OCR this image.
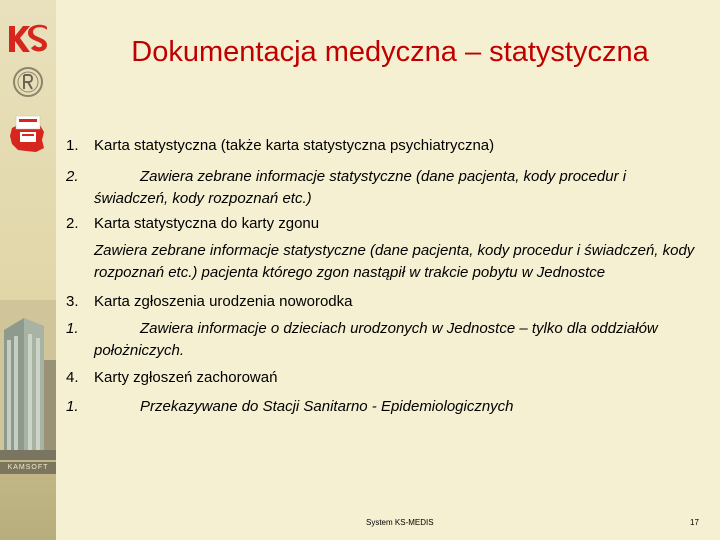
KAMSOFT
Dokumentacja medyczna – statystyczna
1. Karta statystyczna (także karta statystyczna psychiatryczna)
2.	Zawiera zebrane informacje statystyczne (dane pacjenta, kody procedur i świadczeń, kody rozpoznań etc.)
2. Karta statystyczna do karty zgonu
Zawiera zebrane informacje statystyczne (dane pacjenta, kody procedur i świadczeń, kody rozpoznań etc.) pacjenta którego zgon nastąpił w trakcie pobytu w Jednostce
3. Karta zgłoszenia urodzenia noworodka
1.	Zawiera informacje o dzieciach urodzonych w Jednostce – tylko dla oddziałów położniczych.
4. Karty zgłoszeń zachorowań
1.	Przekazywane do Stacji Sanitarno - Epidemiologicznych
System KS-MEDIS	17
